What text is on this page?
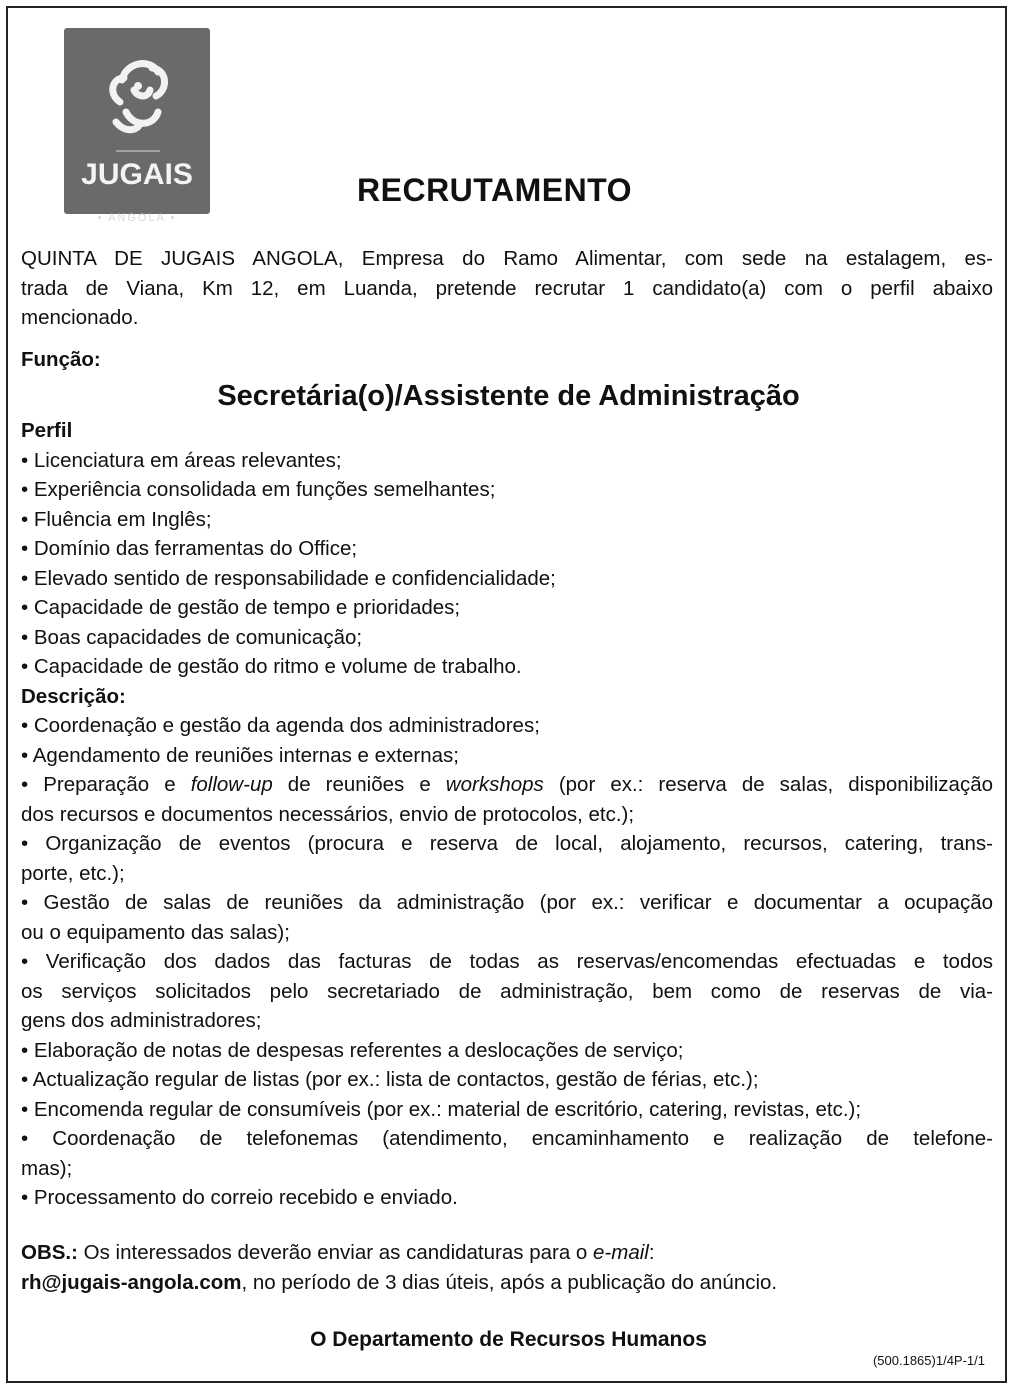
JUGAIS
• ANGOLA •
RECRUTAMENTO
QUINTA DE JUGAIS ANGOLA, Empresa do Ramo Alimentar, com sede na estalagem, es-
trada de Viana, Km 12, em Luanda, pretende recrutar 1 candidato(a) com o perfil abaixo
mencionado.
Função:
Secretária(o)/Assistente de Administração
Perfil
• Licenciatura em áreas relevantes;
• Experiência consolidada em funções semelhantes;
• Fluência em Inglês;
• Domínio das ferramentas do Office;
• Elevado sentido de responsabilidade e confidencialidade;
• Capacidade de gestão de tempo e prioridades;
• Boas capacidades de comunicação;
• Capacidade de gestão do ritmo e volume de trabalho.
Descrição:
• Coordenação e gestão da agenda dos administradores;
• Agendamento de reuniões internas e externas;
• Preparação e follow-up de reuniões e workshops (por ex.: reserva de salas, disponibilização
dos recursos e documentos necessários, envio de protocolos, etc.);
• Organização de eventos (procura e reserva de local, alojamento, recursos, catering, trans-
porte, etc.);
• Gestão de salas de reuniões da administração (por ex.: verificar e documentar a ocupação
ou o equipamento das salas);
• Verificação dos dados das facturas de todas as reservas/encomendas efectuadas e todos
os serviços solicitados pelo secretariado de administração, bem como de reservas de via-
gens dos administradores;
• Elaboração de notas de despesas referentes a deslocações de serviço;
• Actualização regular de listas (por ex.: lista de contactos, gestão de férias, etc.);
• Encomenda regular de consumíveis (por ex.: material de escritório, catering, revistas, etc.);
• Coordenação de telefonemas (atendimento, encaminhamento e realização de telefone-
mas);
• Processamento do correio recebido e enviado.
OBS.: Os interessados deverão enviar as candidaturas para o e-mail:
rh@jugais-angola.com, no período de 3 dias úteis, após a publicação do anúncio.
O Departamento de Recursos Humanos
(500.1865)1/4P-1/1
